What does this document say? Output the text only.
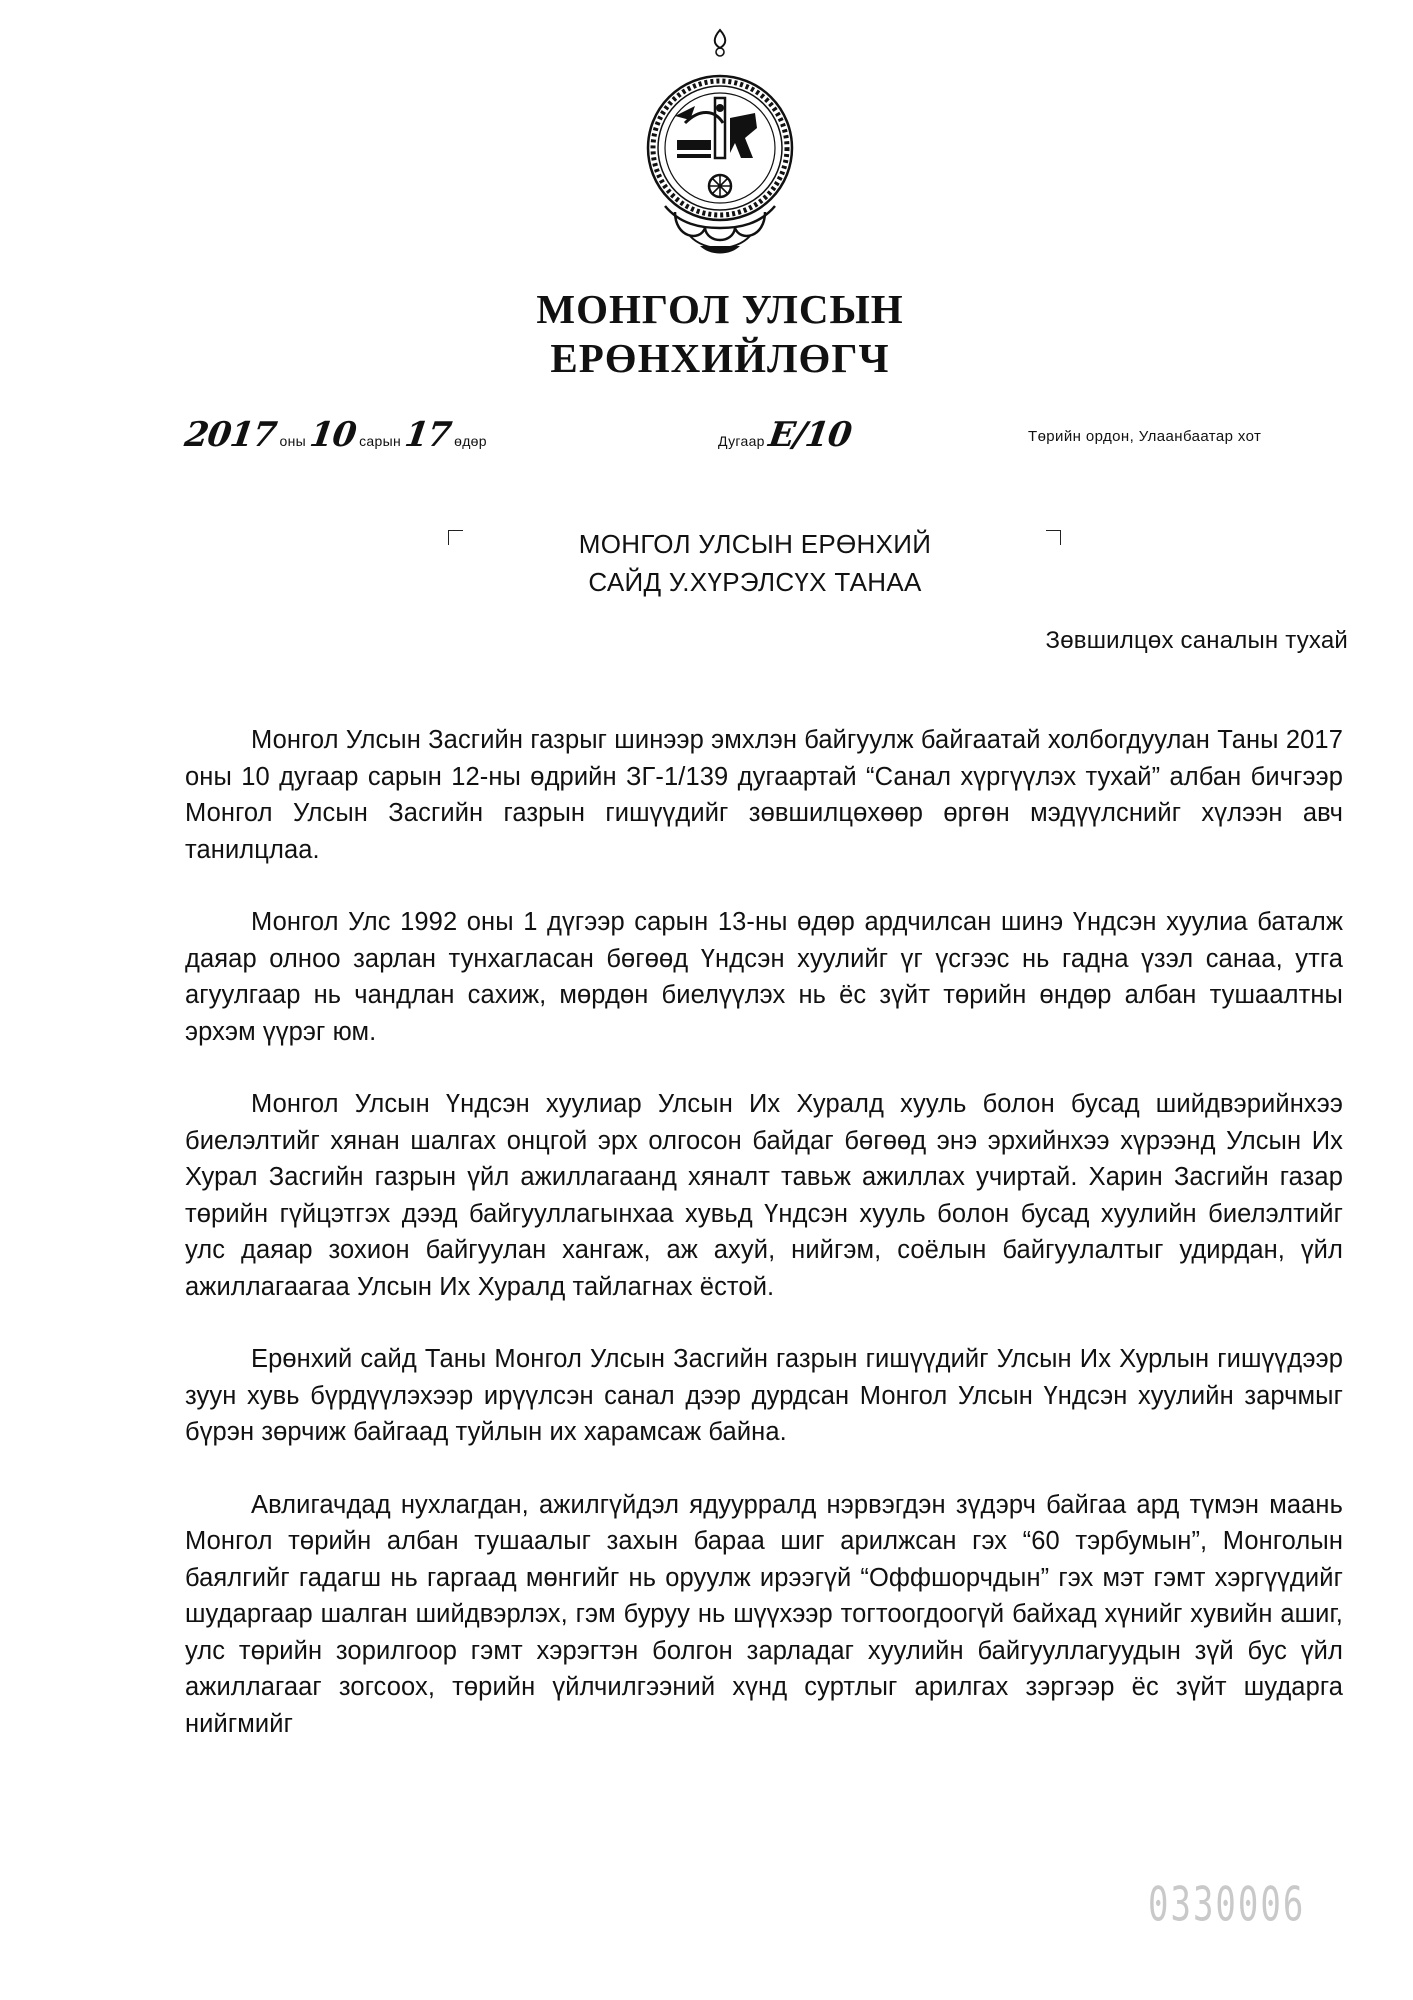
МОНГОЛ УЛСЫН
ЕРӨНХИЙЛӨГЧ
2017 оны 10 сарын 17 өдөр	Дугаар Е/10	Төрийн ордон, Улаанбаатар хот
МОНГОЛ УЛСЫН ЕРӨНХИЙ
САЙД У.ХҮРЭЛСҮХ ТАНАА
Зөвшилцөх саналын тухай

Монгол Улсын Засгийн газрыг шинээр эмхлэн байгуулж байгаатай холбогдуулан Таны 2017 оны 10 дугаар сарын 12-ны өдрийн ЗГ-1/139 дугаартай “Санал хүргүүлэх тухай” албан бичгээр Монгол Улсын Засгийн газрын гишүүдийг зөвшилцөхөөр өргөн мэдүүлснийг хүлээн авч танилцлаа.

Монгол Улс 1992 оны 1 дүгээр сарын 13-ны өдөр ардчилсан шинэ Үндсэн хуулиа баталж даяар олноо зарлан тунхагласан бөгөөд Үндсэн хуулийг үг үсгээс нь гадна үзэл санаа, утга агуулгаар нь чандлан сахиж, мөрдөн биелүүлэх нь ёс зүйт төрийн өндөр албан тушаалтны эрхэм үүрэг юм.

Монгол Улсын Үндсэн хуулиар Улсын Их Хуралд хууль болон бусад шийдвэрийнхээ биелэлтийг хянан шалгах онцгой эрх олгосон байдаг бөгөөд энэ эрхийнхээ хүрээнд Улсын Их Хурал Засгийн газрын үйл ажиллагаанд хяналт тавьж ажиллах учиртай. Харин Засгийн газар төрийн гүйцэтгэх дээд байгууллагынхаа хувьд Үндсэн хууль болон бусад хуулийн биелэлтийг улс даяар зохион байгуулан хангаж, аж ахуй, нийгэм, соёлын байгуулалтыг удирдан, үйл ажиллагаагаа Улсын Их Хуралд тайлагнах ёстой.

Ерөнхий сайд Таны Монгол Улсын Засгийн газрын гишүүдийг Улсын Их Хурлын гишүүдээр зуун хувь бүрдүүлэхээр ирүүлсэн санал дээр дурдсан Монгол Улсын Үндсэн хуулийн зарчмыг бүрэн зөрчиж байгаад туйлын их харамсаж байна.

Авлигачдад нухлагдан, ажилгүйдэл ядуурралд нэрвэгдэн зүдэрч байгаа ард түмэн маань Монгол төрийн албан тушаалыг захын бараа шиг арилжсан гэх “60 тэрбумын”, Монголын баялгийг гадагш нь гаргаад мөнгийг нь оруулж ирээгүй “Оффшорчдын” гэх мэт гэмт хэргүүдийг шударгаар шалган шийдвэрлэх, гэм буруу нь шүүхээр тогтоогдоогүй байхад хүнийг хувийн ашиг, улс төрийн зорилгоор гэмт хэрэгтэн болгон зарладаг хуулийн байгууллагуудын зүй бус үйл ажиллагааг зогсоох, төрийн үйлчилгээний хүнд суртлыг арилгах зэргээр ёс зүйт шударга нийгмийг

0330006
